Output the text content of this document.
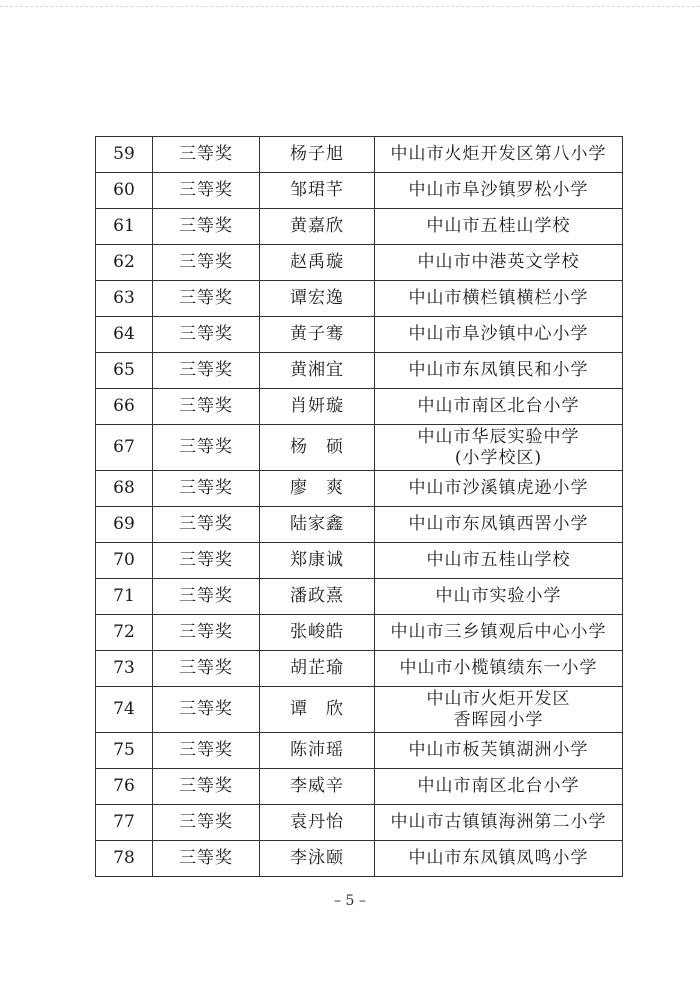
59	三等奖	杨子旭	中山市火炬开发区第八小学

60	三等奖	邹珺芊	中山市阜沙镇罗松小学

61	三等奖	黄嘉欣	中山市五桂山学校

62	三等奖	赵禹璇	中山市中港英文学校

63	三等奖	谭宏逸	中山市横栏镇横栏小学

64	三等奖	黄子骞	中山市阜沙镇中心小学

65	三等奖	黄湘宜	中山市东凤镇民和小学

66	三等奖	肖妍璇	中山市南区北台小学

67	三等奖	杨　硕	中山市华辰实验中学
(小学校区)

68	三等奖	廖　爽	中山市沙溪镇虎逊小学

69	三等奖	陆家鑫	中山市东凤镇西罟小学

70	三等奖	郑康诚	中山市五桂山学校

71	三等奖	潘政熹	中山市实验小学

72	三等奖	张峻皓	中山市三乡镇观后中心小学

73	三等奖	胡芷瑜	中山市小榄镇绩东一小学

74	三等奖	谭　欣	中山市火炬开发区
香晖园小学

75	三等奖	陈沛瑶	中山市板芙镇湖洲小学

76	三等奖	李威辛	中山市南区北台小学

77	三等奖	袁丹怡	中山市古镇镇海洲第二小学

78	三等奖	李泳颐	中山市东凤镇凤鸣小学
– 5 –
